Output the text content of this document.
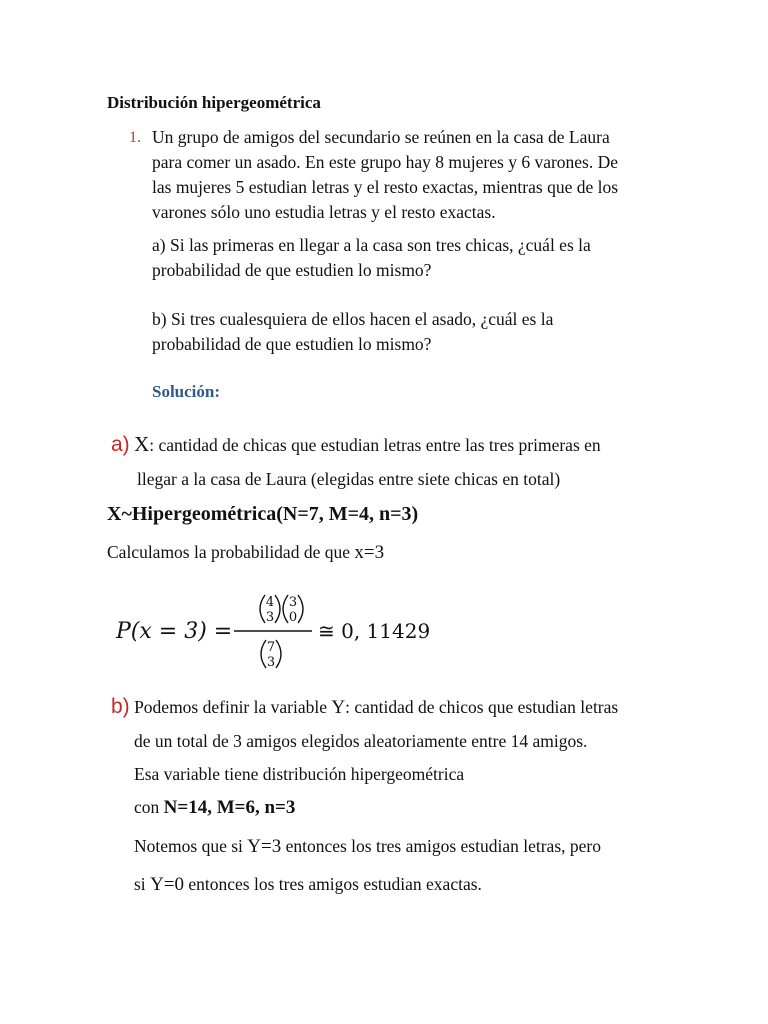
Distribución hipergeométrica
1. Un grupo de amigos del secundario se reúnen en la casa de Laura
para comer un asado. En este grupo hay 8 mujeres y 6 varones. De
las mujeres 5 estudian letras y el resto exactas, mientras que de los
varones sólo uno estudia letras y el resto exactas.
a) Si las primeras en llegar a la casa son tres chicas, ¿cuál es la
probabilidad de que estudien lo mismo?
b) Si tres cualesquiera de ellos hacen el asado, ¿cuál es la
probabilidad de que estudien lo mismo?
Solución:
a) X: cantidad de chicas que estudian letras entre las tres primeras en
llegar a la casa de Laura (elegidas entre siete chicas en total)
X~Hipergeométrica(N=7, M=4, n=3)
Calculamos la probabilidad de que x=3
P(x = 3) =
4
3
3
0
7
3
≅ 0, 11429
b) Podemos definir la variable Y: cantidad de chicos que estudian letras
de un total de 3 amigos elegidos aleatoriamente entre 14 amigos.
Esa variable tiene distribución hipergeométrica
con N=14, M=6, n=3
Notemos que si Y=3 entonces los tres amigos estudian letras, pero
si Y=0 entonces los tres amigos estudian exactas.
